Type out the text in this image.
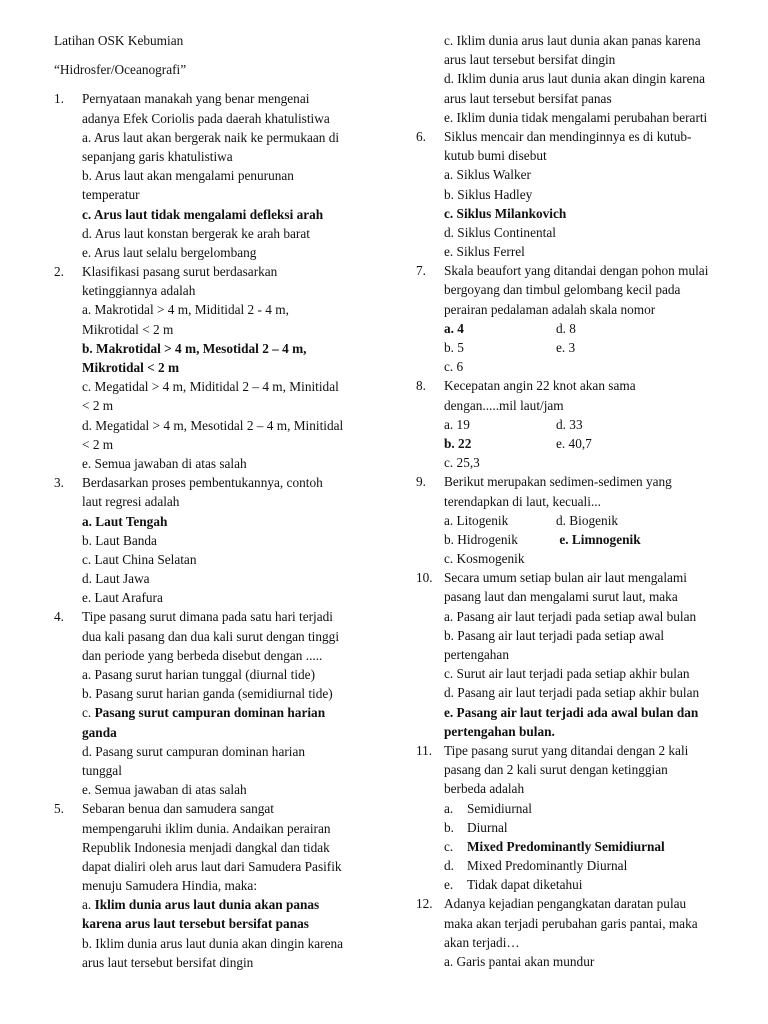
Latihan OSK Kebumian
“Hidrosfer/Oceanografi”
1. Pernyataan manakah yang benar mengenai
adanya Efek Coriolis pada daerah khatulistiwa
a. Arus laut akan bergerak naik ke permukaan di
sepanjang garis khatulistiwa
b. Arus laut akan mengalami penurunan
temperatur
c. Arus laut tidak mengalami defleksi arah
d. Arus laut konstan bergerak ke arah barat
e. Arus laut selalu bergelombang
2. Klasifikasi pasang surut berdasarkan
ketinggiannya adalah
a. Makrotidal > 4 m, Miditidal 2 - 4 m,
Mikrotidal < 2 m
b. Makrotidal > 4 m, Mesotidal 2 – 4 m,
Mikrotidal < 2 m
c. Megatidal > 4 m, Miditidal 2 – 4 m, Minitidal
< 2 m
d. Megatidal > 4 m, Mesotidal 2 – 4 m, Minitidal
< 2 m
e. Semua jawaban di atas salah
3. Berdasarkan proses pembentukannya, contoh
laut regresi adalah
a. Laut Tengah
b. Laut Banda
c. Laut China Selatan
d. Laut Jawa
e. Laut Arafura
4. Tipe pasang surut dimana pada satu hari terjadi
dua kali pasang dan dua kali surut dengan tinggi
dan periode yang berbeda disebut dengan .....
a. Pasang surut harian tunggal (diurnal tide)
b. Pasang surut harian ganda (semidiurnal tide)
c. Pasang surut campuran dominan harian
ganda
d. Pasang surut campuran dominan harian
tunggal
e. Semua jawaban di atas salah
5. Sebaran benua dan samudera sangat
mempengaruhi iklim dunia. Andaikan perairan
Republik Indonesia menjadi dangkal dan tidak
dapat dialiri oleh arus laut dari Samudera Pasifik
menuju Samudera Hindia, maka:
a. Iklim dunia arus laut dunia akan panas
karena arus laut tersebut bersifat panas
b. Iklim dunia arus laut dunia akan dingin karena
arus laut tersebut bersifat dingin
c. Iklim dunia arus laut dunia akan panas karena
arus laut tersebut bersifat dingin
d. Iklim dunia arus laut dunia akan dingin karena
arus laut tersebut bersifat panas
e. Iklim dunia tidak mengalami perubahan berarti
6. Siklus mencair dan mendinginnya es di kutub-
kutub bumi disebut
a. Siklus Walker
b. Siklus Hadley
c. Siklus Milankovich
d. Siklus Continental
e. Siklus Ferrel
7. Skala beaufort yang ditandai dengan pohon mulai
bergoyang dan timbul gelombang kecil pada
perairan pedalaman adalah skala nomor
a. 4	d. 8
b. 5	e. 3
c. 6
8. Kecepatan angin 22 knot akan sama
dengan.....mil laut/jam
a. 19	d. 33
b. 22	e. 40,7
c. 25,3
9. Berikut merupakan sedimen-sedimen yang
terendapkan di laut, kecuali...
a. Litogenik	d. Biogenik
b. Hidrogenik	e. Limnogenik
c. Kosmogenik
10. Secara umum setiap bulan air laut mengalami
pasang laut dan mengalami surut laut, maka
a. Pasang air laut terjadi pada setiap awal bulan
b. Pasang air laut terjadi pada setiap awal
pertengahan
c. Surut air laut terjadi pada setiap akhir bulan
d. Pasang air laut terjadi pada setiap akhir bulan
e. Pasang air laut terjadi ada awal bulan dan
pertengahan bulan.
11. Tipe pasang surut yang ditandai dengan 2 kali
pasang dan 2 kali surut dengan ketinggian
berbeda adalah
a. Semidiurnal
b. Diurnal
c. Mixed Predominantly Semidiurnal
d. Mixed Predominantly Diurnal
e. Tidak dapat diketahui
12. Adanya kejadian pengangkatan daratan pulau
maka akan terjadi perubahan garis pantai, maka
akan terjadi…
a. Garis pantai akan mundur
